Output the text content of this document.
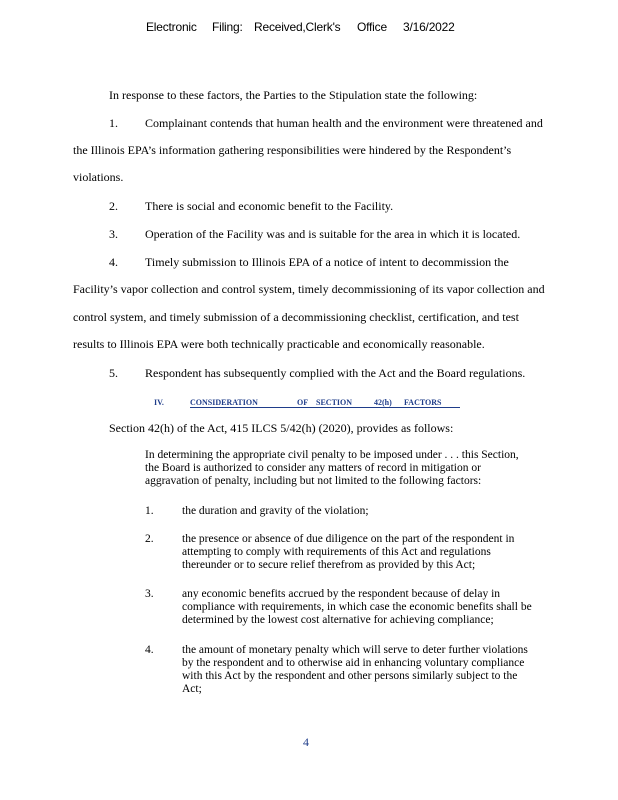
Electronic Filing: Received,Clerk's Office 3/16/2022
In response to these factors, the Parties to the Stipulation state the following:
1. Complainant contends that human health and the environment were threatened and
the Illinois EPA’s information gathering responsibilities were hindered by the Respondent’s
violations.
2. There is social and economic benefit to the Facility.
3. Operation of the Facility was and is suitable for the area in which it is located.
4. Timely submission to Illinois EPA of a notice of intent to decommission the
Facility’s vapor collection and control system, timely decommissioning of its vapor collection and
control system, and timely submission of a decommissioning checklist, certification, and test
results to Illinois EPA were both technically practicable and economically reasonable.
5. Respondent has subsequently complied with the Act and the Board regulations.
IV.	CONSIDERATION	OF SECTION	42(h) FACTORS
Section 42(h) of the Act, 415 ILCS 5/42(h) (2020), provides as follows:
In determining the appropriate civil penalty to be imposed under . . . this Section,
the Board is authorized to consider any matters of record in mitigation or
aggravation of penalty, including but not limited to the following factors:
1. the duration and gravity of the violation;
2. the presence or absence of due diligence on the part of the respondent in
attempting to comply with requirements of this Act and regulations
thereunder or to secure relief therefrom as provided by this Act;
3. any economic benefits accrued by the respondent because of delay in
compliance with requirements, in which case the economic benefits shall be
determined by the lowest cost alternative for achieving compliance;
4. the amount of monetary penalty which will serve to deter further violations
by the respondent and to otherwise aid in enhancing voluntary compliance
with this Act by the respondent and other persons similarly subject to the
Act;
4
